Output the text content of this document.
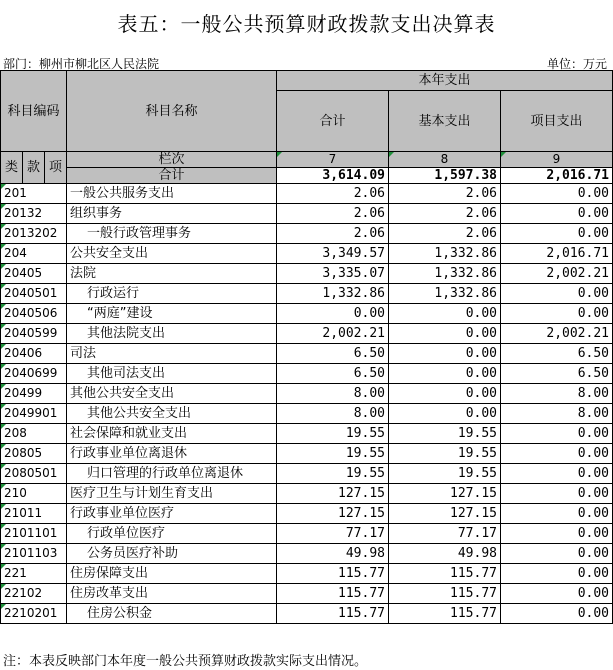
表五：一般公共预算财政拨款支出决算表
部门：柳州市柳北区人民法院	单位：万元
科目编码			科目名称	本年支出		
				合计	基本支出	项目支出

类	款	项	栏次	7	8	9
			合计	3,614.09	1,597.38	2,016.71
201			一般公共服务支出	2.06	2.06	0.00
20132			组织事务	2.06	2.06	0.00
2013202			一般行政管理事务	2.06	2.06	0.00
204			公共安全支出	3,349.57	1,332.86	2,016.71
20405			法院	3,335.07	1,332.86	2,002.21
2040501			行政运行	1,332.86	1,332.86	0.00
2040506			“两庭”建设	0.00	0.00	0.00
2040599			其他法院支出	2,002.21	0.00	2,002.21
20406			司法	6.50	0.00	6.50
2040699			其他司法支出	6.50	0.00	6.50
20499			其他公共安全支出	8.00	0.00	8.00
2049901			其他公共安全支出	8.00	0.00	8.00
208			社会保障和就业支出	19.55	19.55	0.00
20805			行政事业单位离退休	19.55	19.55	0.00
2080501			归口管理的行政单位离退休	19.55	19.55	0.00
210			医疗卫生与计划生育支出	127.15	127.15	0.00
21011			行政事业单位医疗	127.15	127.15	0.00
2101101			行政单位医疗	77.17	77.17	0.00
2101103			公务员医疗补助	49.98	49.98	0.00
221			住房保障支出	115.77	115.77	0.00
22102			住房改革支出	115.77	115.77	0.00
2210201			住房公积金	115.77	115.77	0.00
注：本表反映部门本年度一般公共预算财政拨款实际支出情况。
